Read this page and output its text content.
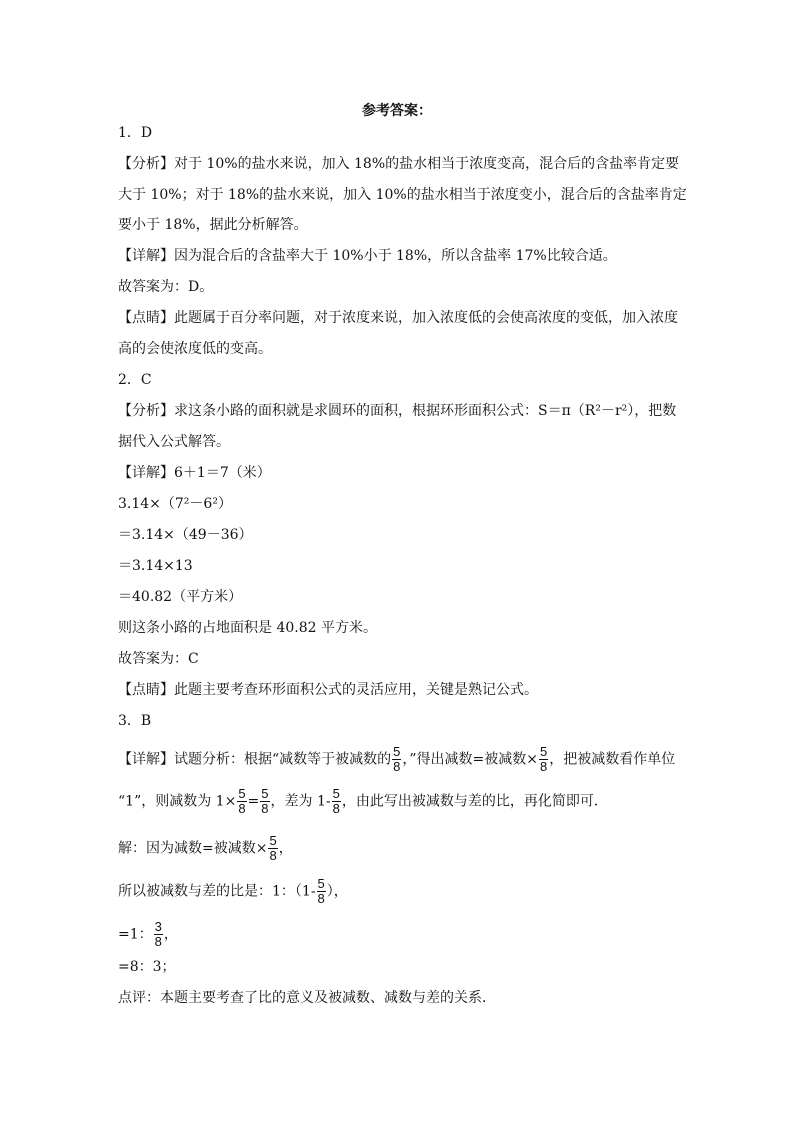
参考答案：
1．D
【分析】对于 10%的盐水来说，加入 18%的盐水相当于浓度变高，混合后的含盐率肯定要
大于 10%；对于 18%的盐水来说，加入 10%的盐水相当于浓度变小，混合后的含盐率肯定
要小于 18%，据此分析解答。
【详解】因为混合后的含盐率大于 10%小于 18%，所以含盐率 17%比较合适。
故答案为：D。
【点睛】此题属于百分率问题，对于浓度来说，加入浓度低的会使高浓度的变低，加入浓度
高的会使浓度低的变高。
2．C
【分析】求这条小路的面积就是求圆环的面积，根据环形面积公式：S＝π（R²－r²），把数
据代入公式解答。
【详解】6＋1＝7（米）
3.14×（7²－6²）
＝3.14×（49－36）
＝3.14×13
＝40.82（平方米）
则这条小路的占地面积是 40.82 平方米。
故答案为：C
【点睛】此题主要考查环形面积公式的灵活应用，关键是熟记公式。
3．B
【详解】试题分析：根据“减数等于被减数的 $\frac{5}{8}$ ，”得出减数=被减数× $\frac{5}{8}$ ，把被减数看作单位
“1”，则减数为 $1\times \frac{5}{8} = \frac{5}{8}$ ，差为 $1- \frac{5}{8}$ ，由此写出被减数与差的比，再化简即可．
解：因为减数=被减数× $\frac{5}{8}$ ，
所以被减数与差的比是：1：（$1- \frac{5}{8}$ ），
=1： $\frac{3}{8}$ ，
=8：3；
点评：本题主要考查了比的意义及被减数、减数与差的关系．
